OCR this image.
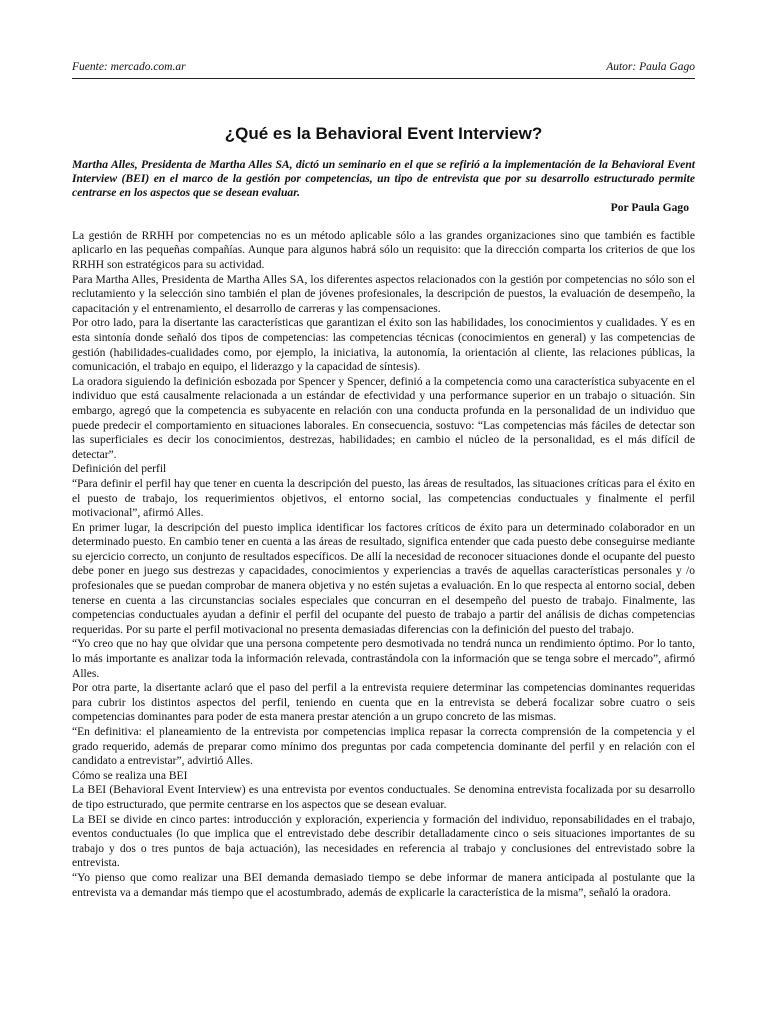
Fuente: mercado.com.ar	Autor: Paula Gago
¿Qué es la Behavioral Event Interview?
Martha Alles, Presidenta de Martha Alles SA, dictó un seminario en el que se refirió a la implementación de la Behavioral Event Interview (BEI) en el marco de la gestión por competencias, un tipo de entrevista que por su desarrollo estructurado permite centrarse en los aspectos que se desean evaluar.
Por Paula Gago

La gestión de RRHH por competencias no es un método aplicable sólo a las grandes organizaciones sino que también es factible aplicarlo en las pequeñas compañías. Aunque para algunos habrá sólo un requisito: que la dirección comparta los criterios de que los RRHH son estratégicos para su actividad.

Para Martha Alles, Presidenta de Martha Alles SA, los diferentes aspectos relacionados con la gestión por competencias no sólo son el reclutamiento y la selección sino también el plan de jóvenes profesionales, la descripción de puestos, la evaluación de desempeño, la capacitación y el entrenamiento, el desarrollo de carreras y las compensaciones.

Por otro lado, para la disertante las características que garantizan el éxito son las habilidades, los conocimientos y cualidades. Y es en esta sintonía donde señaló dos tipos de competencias: las competencias técnicas (conocimientos en general) y las competencias de gestión (habilidades-cualidades como, por ejemplo, la iniciativa, la autonomía, la orientación al cliente, las relaciones públicas, la comunicación, el trabajo en equipo, el liderazgo y la capacidad de síntesis).

La oradora siguiendo la definición esbozada por Spencer y Spencer, definió a la competencia como una característica subyacente en el individuo que está causalmente relacionada a un estándar de efectividad y una performance superior en un trabajo o situación. Sin embargo, agregó que la competencia es subyacente en relación con una conducta profunda en la personalidad de un individuo que puede predecir el comportamiento en situaciones laborales. En consecuencia, sostuvo: “Las competencias más fáciles de detectar son las superficiales es decir los conocimientos, destrezas, habilidades; en cambio el núcleo de la personalidad, es el más difícil de detectar”.

Definición del perfil

“Para definir el perfil hay que tener en cuenta la descripción del puesto, las áreas de resultados, las situaciones críticas para el éxito en el puesto de trabajo, los requerimientos objetivos, el entorno social, las competencias conductuales y finalmente el perfil motivacional”, afirmó Alles.

En primer lugar, la descripción del puesto implica identificar los factores críticos de éxito para un determinado colaborador en un determinado puesto. En cambio tener en cuenta a las áreas de resultado, significa entender que cada puesto debe conseguirse mediante su ejercicio correcto, un conjunto de resultados específicos. De allí la necesidad de reconocer situaciones donde el ocupante del puesto debe poner en juego sus destrezas y capacidades, conocimientos y experiencias a través de aquellas características personales y /o profesionales que se puedan comprobar de manera objetiva y no estén sujetas a evaluación. En lo que respecta al entorno social, deben tenerse en cuenta a las circunstancias sociales especiales que concurran en el desempeño del puesto de trabajo. Finalmente, las competencias conductuales ayudan a definir el perfil del ocupante del puesto de trabajo a partir del análisis de dichas competencias requeridas. Por su parte el perfil motivacional no presenta demasiadas diferencias con la definición del puesto del trabajo.

“Yo creo que no hay que olvidar que una persona competente pero desmotivada no tendrá nunca un rendimiento óptimo. Por lo tanto, lo más importante es analizar toda la información relevada, contrastándola con la información que se tenga sobre el mercado”, afirmó Alles.

Por otra parte, la disertante aclaró que el paso del perfil a la entrevista requiere determinar las competencias dominantes requeridas para cubrir los distintos aspectos del perfil, teniendo en cuenta que en la entrevista se deberá focalizar sobre cuatro o seis competencias dominantes para poder de esta manera prestar atención a un grupo concreto de las mismas.

“En definitiva: el planeamiento de la entrevista por competencias implica repasar la correcta comprensión de la competencia y el grado requerido, además de preparar como mínimo dos preguntas por cada competencia dominante del perfil y en relación con el candidato a entrevistar”, advirtió Alles.

Cómo se realiza una BEI

La BEI (Behavioral Event Interview) es una entrevista por eventos conductuales. Se denomina entrevista focalizada por su desarrollo de tipo estructurado, que permite centrarse en los aspectos que se desean evaluar.

La BEI se divide en cinco partes: introducción y exploración, experiencia y formación del individuo, reponsabilidades en el trabajo, eventos conductuales (lo que implica que el entrevistado debe describir detalladamente cinco o seis situaciones importantes de su trabajo y dos o tres puntos de baja actuación), las necesidades en referencia al trabajo y conclusiones del entrevistado sobre la entrevista.

“Yo pienso que como realizar una BEI demanda demasiado tiempo se debe informar de manera anticipada al postulante que la entrevista va a demandar más tiempo que el acostumbrado, además de explicarle la característica de la misma”, señaló la oradora.
